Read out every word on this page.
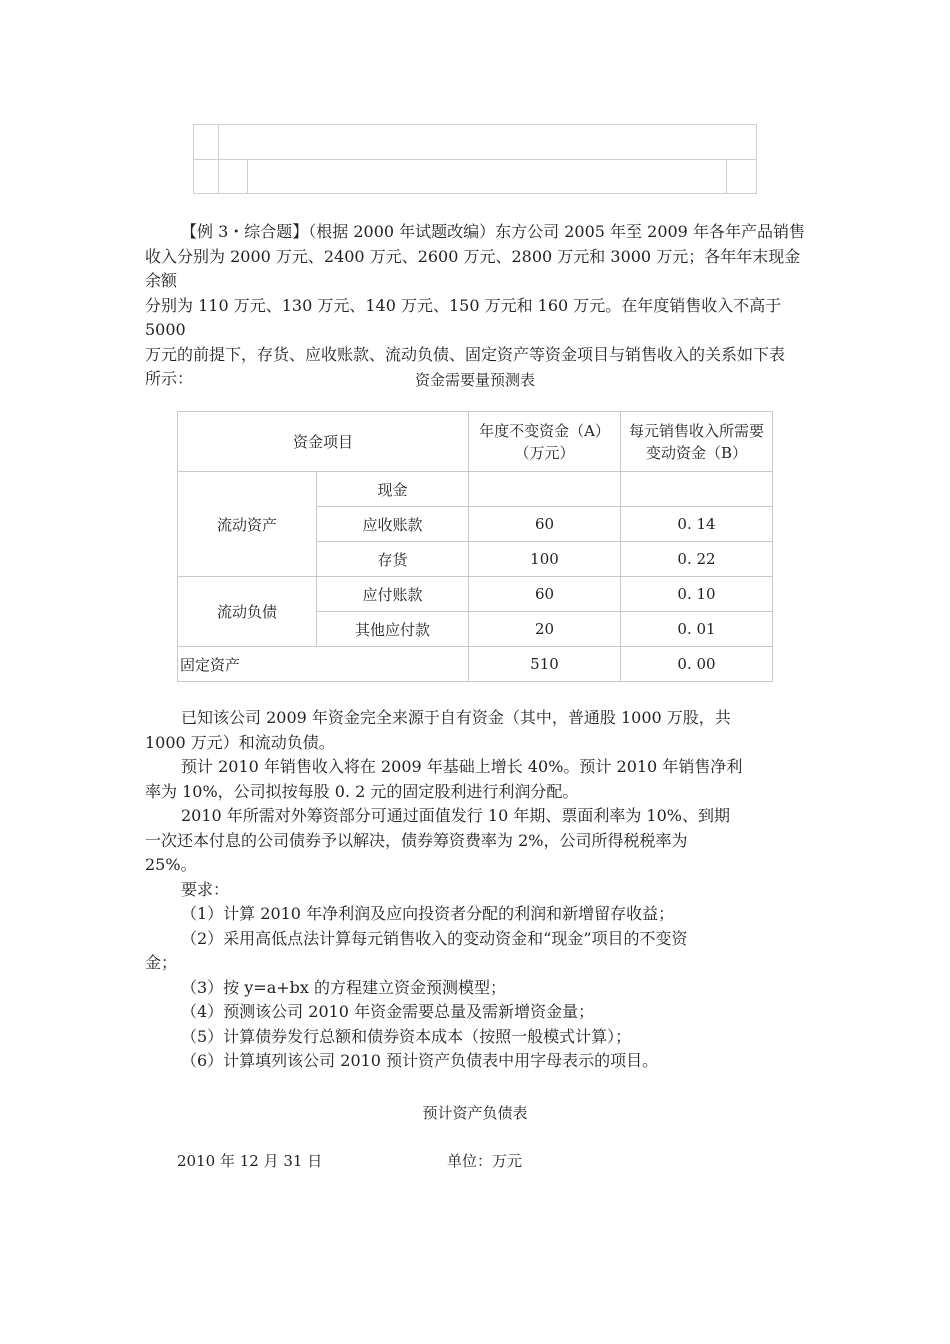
【例 3・综合题】（根据 2000 年试题改编）东方公司 2005 年至 2009 年各年产品销售

收入分别为 2000 万元、2400 万元、2600 万元、2800 万元和 3000 万元；各年年末现金余额

分别为 110 万元、130 万元、140 万元、150 万元和 160 万元。在年度销售收入不高于 5000

万元的前提下，存货、应收账款、流动负债、固定资产等资金项目与销售收入的关系如下表

所示：	资金需要量预测表
资金项目		年度不变资金（A）（万元）	每元销售收入所需要变动资金（B）
流动资产	现金		
	应收账款	60	0. 14
	存货	100	0. 22
流动负债	应付账款	60	0. 10
	其他应付款	20	0. 01
固定资产		510	0. 00

已知该公司 2009 年资金完全来源于自有资金（其中，普通股 1000 万股，共

1000 万元）和流动负债。

预计 2010 年销售收入将在 2009 年基础上增长 40%。预计 2010 年销售净利

率为 10%，公司拟按每股 0. 2 元的固定股利进行利润分配。

2010 年所需对外筹资部分可通过面值发行 10 年期、票面利率为 10%、到期

一次还本付息的公司债券予以解决，债券筹资费率为 2%，公司所得税税率为

25%。

要求：

（1）计算 2010 年净利润及应向投资者分配的利润和新增留存收益；

（2）采用高低点法计算每元销售收入的变动资金和“现金”项目的不变资

金；

（3）按 y=a+bx 的方程建立资金预测模型；

（4）预测该公司 2010 年资金需要总量及需新增资金量；

（5）计算债券发行总额和债券资本成本（按照一般模式计算）；

（6）计算填列该公司 2010 预计资产负债表中用字母表示的项目。

预计资产负债表
2010 年 12 月 31 日	单位：万元
